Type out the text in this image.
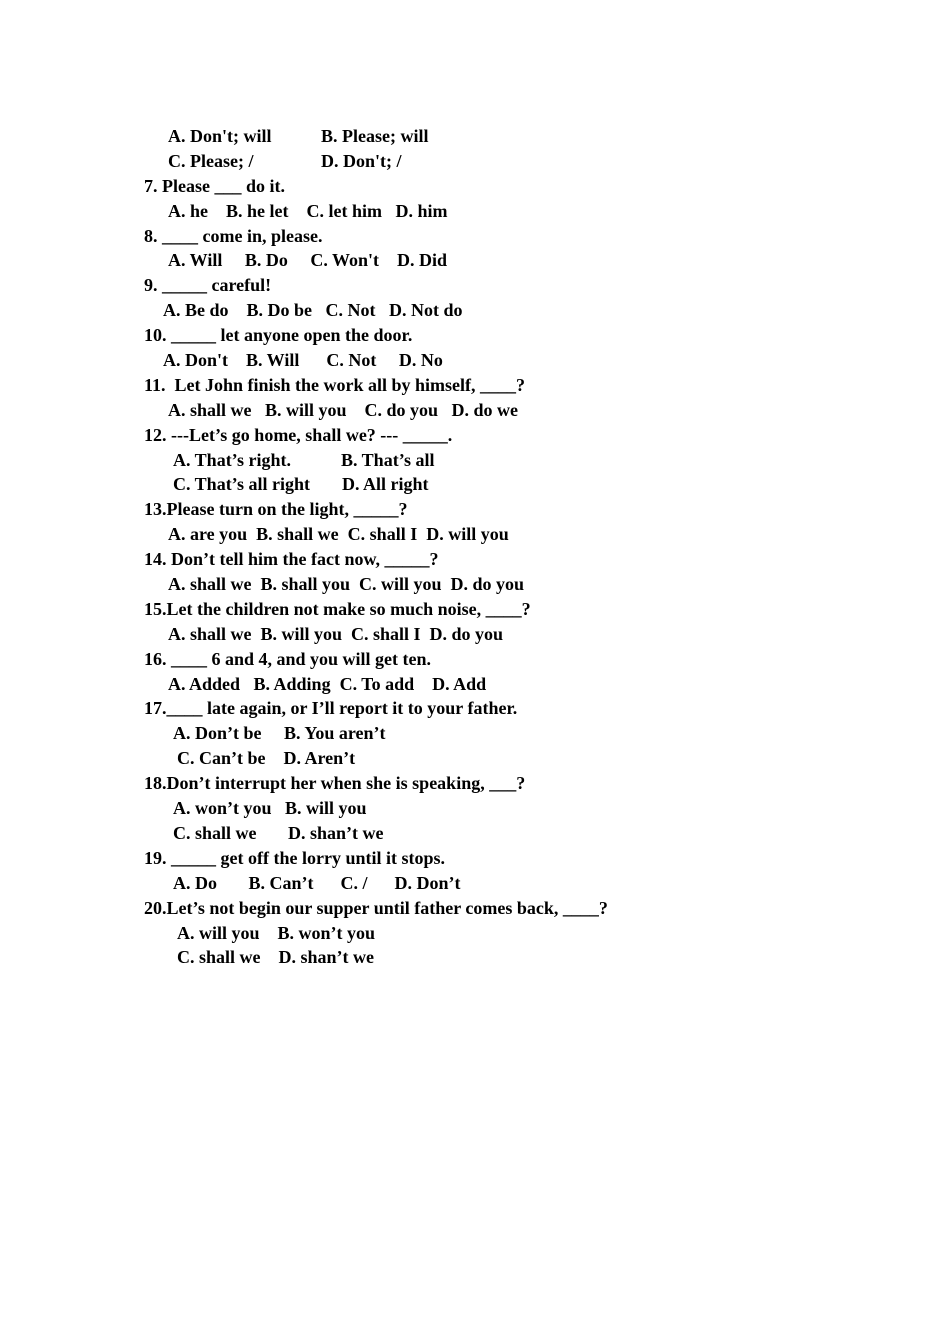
A. Don't; will

	B. Please; will

C. Please; /

	D. Don't; /

7. Please ___ do it.

A. he    B. he let    C. let him   D. him

8. ____ come in, please.

A. Will     B. Do     C. Won't    D. Did

9. _____ careful!

A. Be do    B. Do be   C. Not   D. Not do

10. _____ let anyone open the door.

A. Don't    B. Will      C. Not     D. No

11.  Let John finish the work all by himself, ____?

A. shall we   B. will you    C. do you   D. do we

12. ---Let’s go home, shall we? --- _____.

A. That’s right.

	B. That’s all

C. That’s all right

D. All right

13.Please turn on the light, _____?

A. are you  B. shall we  C. shall I  D. will you

14. Don’t tell him the fact now, _____?

A. shall we  B. shall you  C. will you  D. do you

15.Let the children not make so much noise, ____?

A. shall we  B. will you  C. shall I  D. do you

16. ____ 6 and 4, and you will get ten.

A. Added   B. Adding  C. To add    D. Add

17.____ late again, or I’ll report it to your father.

A. Don’t be     B. You aren’t

C. Can’t be    D. Aren’t

18.Don’t interrupt her when she is speaking, ___?

A. won’t you   B. will you

C. shall we       D. shan’t we

19. _____ get off the lorry until it stops.

A. Do       B. Can’t      C. /      D. Don’t

20.Let’s not begin our supper until father comes back, ____?

A. will you    B. won’t you

C. shall we    D. shan’t we
